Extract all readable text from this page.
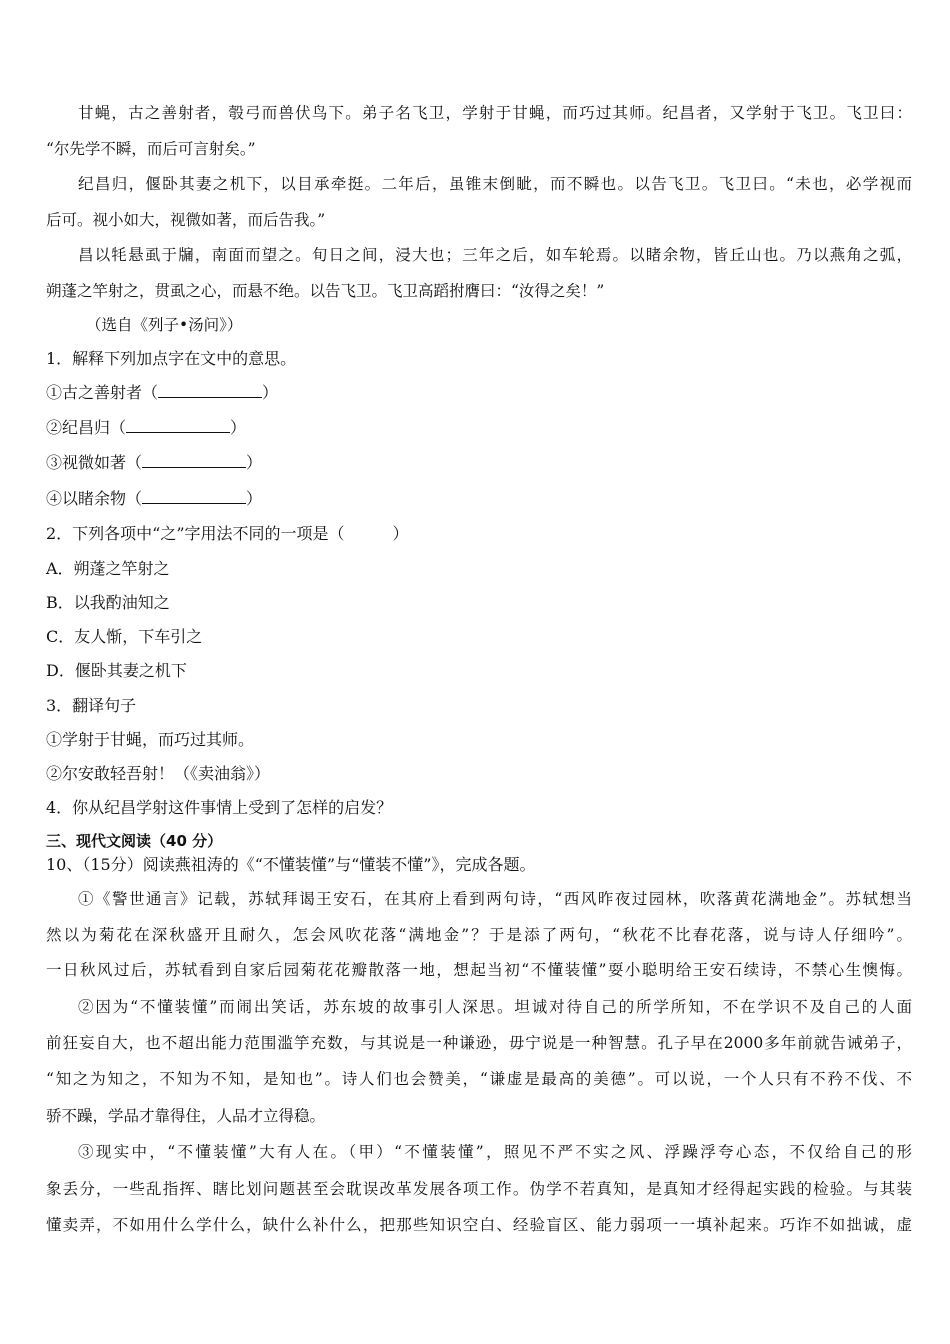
甘蝇，古之善射者，彀弓而兽伏鸟下。弟子名飞卫，学射于甘蝇，而巧过其师。纪昌者，又学射于飞卫。飞卫曰：
“尔先学不瞬，而后可言射矣。”
纪昌归，偃卧其妻之机下，以目承牵挺。二年后，虽锥末倒眦，而不瞬也。以告飞卫。飞卫曰。“未也，必学视而
后可。视小如大，视微如著，而后告我。”
昌以牦悬虱于牖，南面而望之。旬日之间，浸大也；三年之后，如车轮焉。以睹余物，皆丘山也。乃以燕角之弧，
朔蓬之竿射之，贯虱之心，而悬不绝。以告飞卫。飞卫高蹈拊膺曰：“汝得之矣！”
（选自《列子•汤问》）
1．解释下列加点字在文中的意思。
①古之善射者（	）
②纪昌归（	）
③视微如著（	）
④以睹余物（	）
2．下列各项中“之”字用法不同的一项是（　　　）
A．朔蓬之竿射之
B．以我酌油知之
C．友人惭，下车引之
D．偃卧其妻之机下
3．翻译句子
①学射于甘蝇，而巧过其师。
②尔安敢轻吾射！（《卖油翁》）
4．你从纪昌学射这件事情上受到了怎样的启发？
三、现代文阅读（40 分）
10、（15分）阅读燕祖涛的《“不懂装懂”与“懂装不懂”》，完成各题。
①《警世通言》记载，苏轼拜谒王安石，在其府上看到两句诗，“西风昨夜过园林，吹落黄花满地金”。苏轼想当
然以为菊花在深秋盛开且耐久，怎会风吹花落“满地金”？于是添了两句，“秋花不比春花落，说与诗人仔细吟”。
一日秋风过后，苏轼看到自家后园菊花花瓣散落一地，想起当初“不懂装懂”耍小聪明给王安石续诗，不禁心生懊悔。
②因为“不懂装懂”而闹出笑话，苏东坡的故事引人深思。坦诚对待自己的所学所知，不在学识不及自己的人面
前狂妄自大，也不超出能力范围滥竽充数，与其说是一种谦逊，毋宁说是一种智慧。孔子早在2000多年前就告诫弟子，
“知之为知之，不知为不知，是知也”。诗人们也会赞美，“谦虚是最高的美德”。可以说，一个人只有不矜不伐、不
骄不躁，学品才靠得住，人品才立得稳。
③现实中，“不懂装懂”大有人在。（甲）“不懂装懂”，照见不严不实之风、浮躁浮夸心态，不仅给自己的形
象丢分，一些乱指挥、瞎比划问题甚至会耽误改革发展各项工作。伪学不若真知，是真知才经得起实践的检验。与其装
懂卖弄，不如用什么学什么，缺什么补什么，把那些知识空白、经验盲区、能力弱项一一填补起来。巧诈不如拙诚，虚
